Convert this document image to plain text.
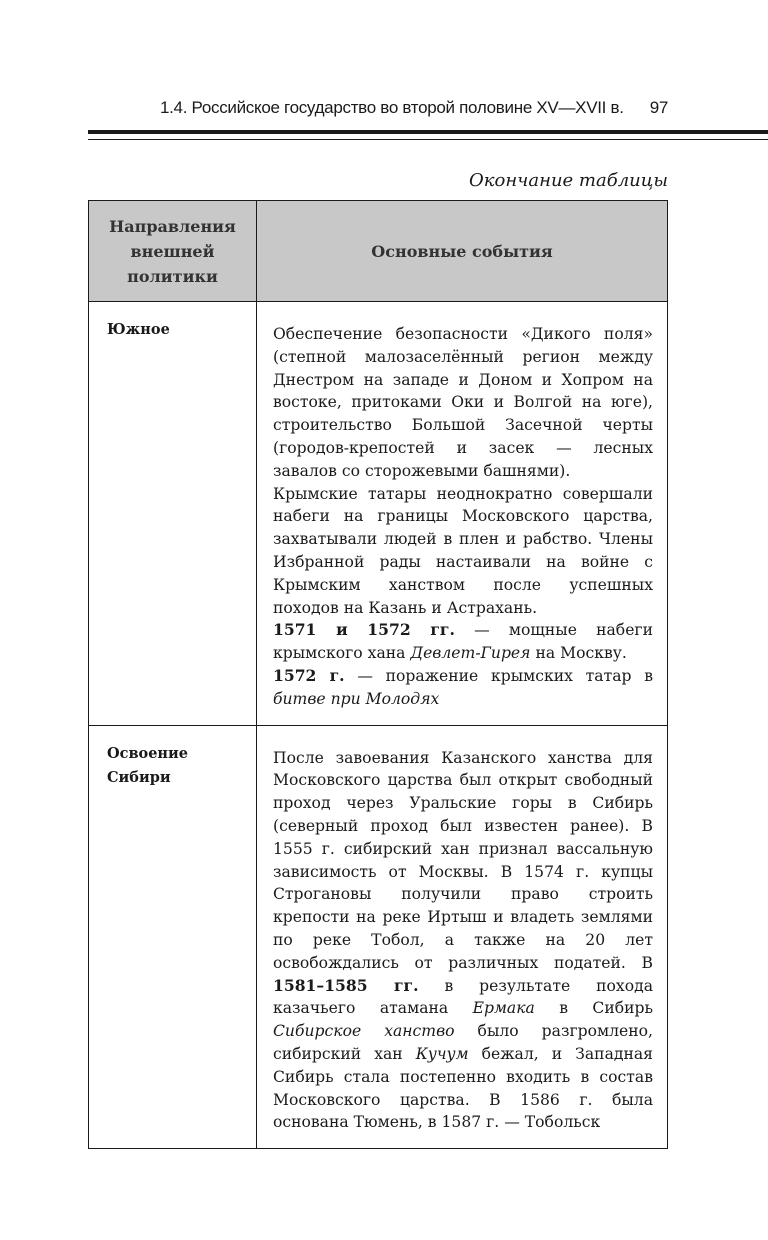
1.4. Российское государство во второй половине XV—XVII в. 97
Окончание таблицы
Направления внешней политики	Основные события
Южное	Обеспечение безопасности «Дикого поля» (степной малозаселённый регион между Днестром на западе и Доном и Хопром на востоке, притоками Оки и Волгой на юге), строительство Большой Засечной черты (городов-крепостей и засек — лесных завалов со сторожевыми башнями).

Крымские татары неоднократно совершали набеги на границы Московского царства, захватывали людей в плен и рабство. Члены Избранной рады настаивали на войне с Крымским ханством после успешных походов на Казань и Астрахань.

1571 и 1572 гг. — мощные набеги крымского хана Девлет-Гирея на Москву.

1572 г. — поражение крымских татар в битве при Молодях

Освоение Сибири	После завоевания Казанского ханства для Московского царства был открыт свободный проход через Уральские горы в Сибирь (северный проход был известен ранее). В 1555 г. сибирский хан признал вассальную зависимость от Москвы. В 1574 г. купцы Строгановы получили право строить крепости на реке Иртыш и владеть землями по реке Тобол, а также на 20 лет освобождались от различных податей. В 1581–1585 гг. в результате похода казачьего атамана Ермака в Сибирь Сибирское ханство было разгромлено, сибирский хан Кучум бежал, и Западная Сибирь стала постепенно входить в состав Московского царства. В 1586 г. была основана Тюмень, в 1587 г. — Тобольск
